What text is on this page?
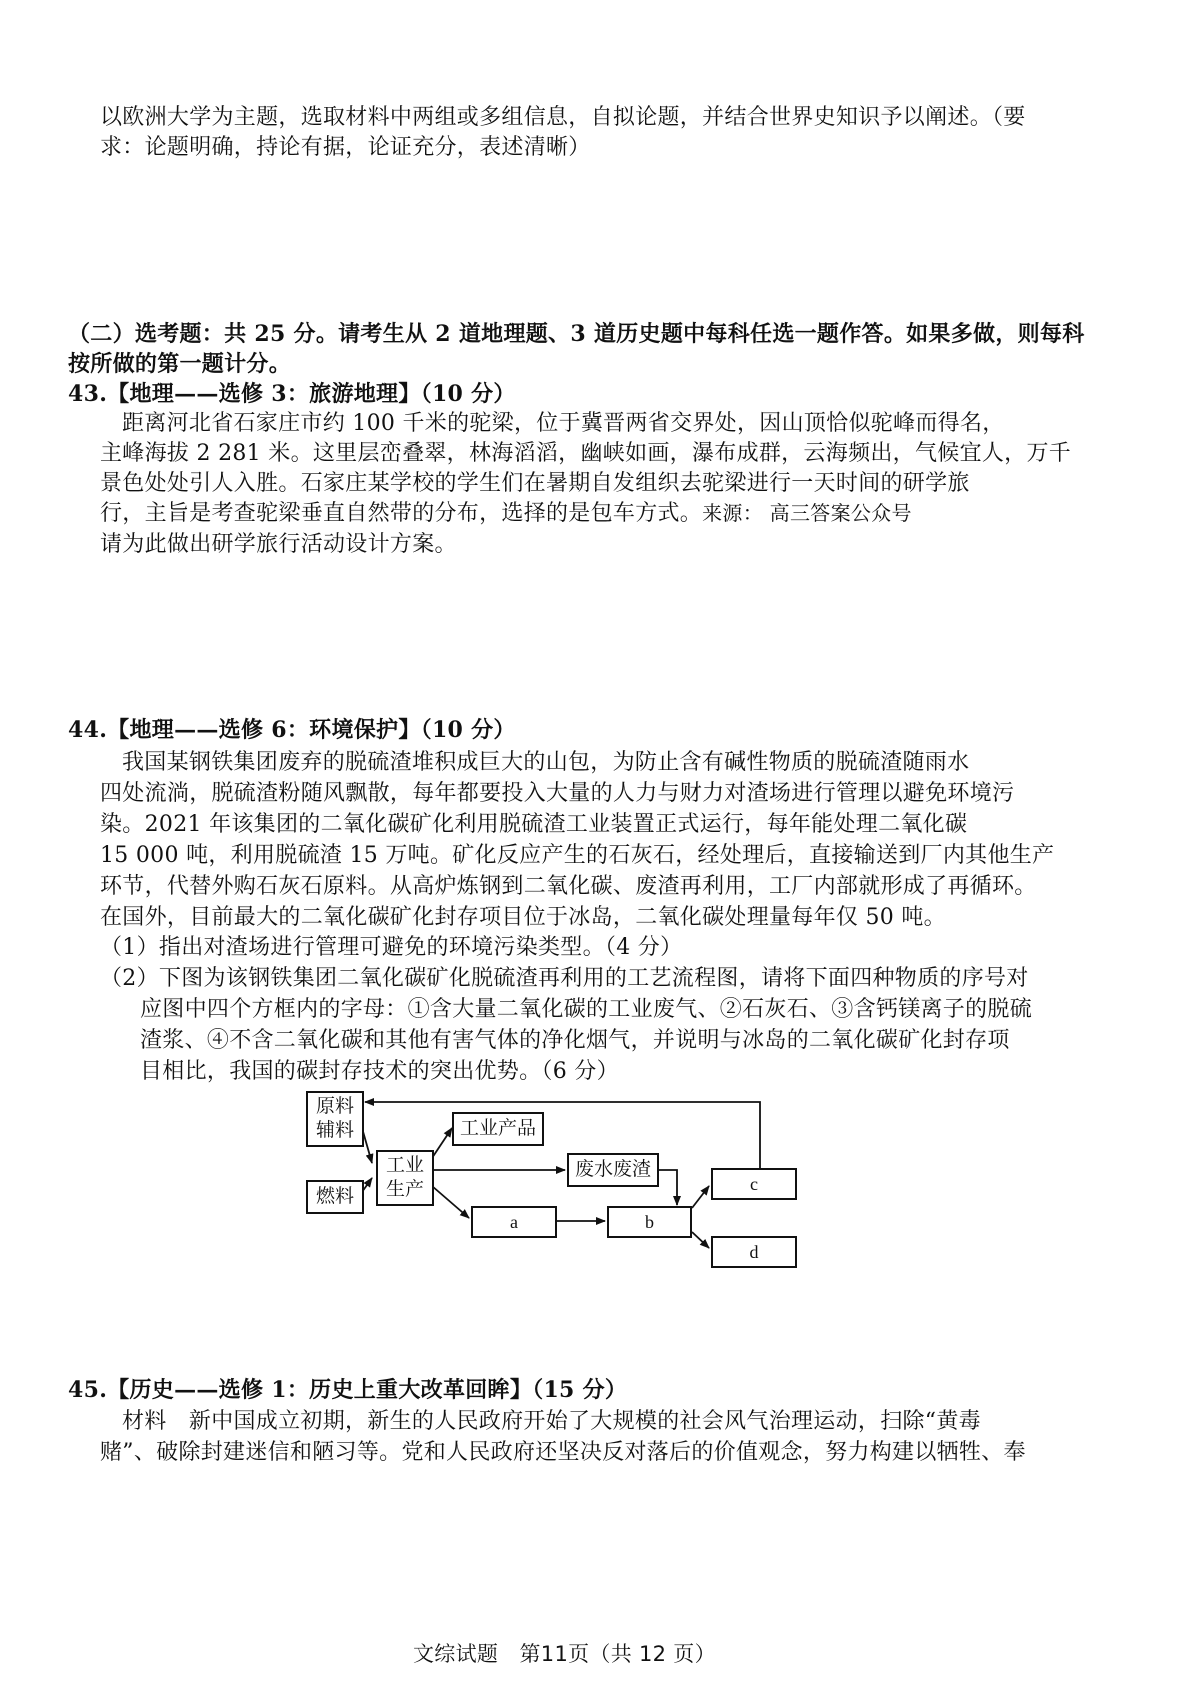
以欧洲大学为主题，选取材料中两组或多组信息，自拟论题，并结合世界史知识予以阐述。（要
求：论题明确，持论有据，论证充分，表述清晰）
（二）选考题：共 25 分。请考生从 2 道地理题、3 道历史题中每科任选一题作答。如果多做，则每科
按所做的第一题计分。
43.【地理——选修 3：旅游地理】（10 分）
距离河北省石家庄市约 100 千米的驼梁，位于冀晋两省交界处，因山顶恰似驼峰而得名，
主峰海拔 2 281 米。这里层峦叠翠，林海滔滔，幽峡如画，瀑布成群，云海频出，气候宜人，万千
景色处处引人入胜。石家庄某学校的学生们在暑期自发组织去驼梁进行一天时间的研学旅
行，主旨是考查驼梁垂直自然带的分布，选择的是包车方式。来源： 高三答案公众号
请为此做出研学旅行活动设计方案。
44.【地理——选修 6：环境保护】（10 分）
我国某钢铁集团废弃的脱硫渣堆积成巨大的山包，为防止含有碱性物质的脱硫渣随雨水
四处流淌，脱硫渣粉随风飘散，每年都要投入大量的人力与财力对渣场进行管理以避免环境污
染。2021 年该集团的二氧化碳矿化利用脱硫渣工业装置正式运行，每年能处理二氧化碳
15 000 吨，利用脱硫渣 15 万吨。矿化反应产生的石灰石，经处理后，直接输送到厂内其他生产
环节，代替外购石灰石原料。从高炉炼钢到二氧化碳、废渣再利用，工厂内部就形成了再循环。
在国外，目前最大的二氧化碳矿化封存项目位于冰岛，二氧化碳处理量每年仅 50 吨。
（1）指出对渣场进行管理可避免的环境污染类型。（4 分）
（2）下图为该钢铁集团二氧化碳矿化脱硫渣再利用的工艺流程图，请将下面四种物质的序号对
应图中四个方框内的字母：①含大量二氧化碳的工业废气、②石灰石、③含钙镁离子的脱硫
渣浆、④不含二氧化碳和其他有害气体的净化烟气，并说明与冰岛的二氧化碳矿化封存项
目相比，我国的碳封存技术的突出优势。（6 分）
原料
辅料
燃料
工业
生产
工业产品
废水废渣
a	b
c
d
45.【历史——选修 1：历史上重大改革回眸】（15 分）
材料　新中国成立初期，新生的人民政府开始了大规模的社会风气治理运动，扫除“黄毒
赌”、破除封建迷信和陋习等。党和人民政府还坚决反对落后的价值观念，努力构建以牺牲、奉
文综试题　第11页（共 12 页）
